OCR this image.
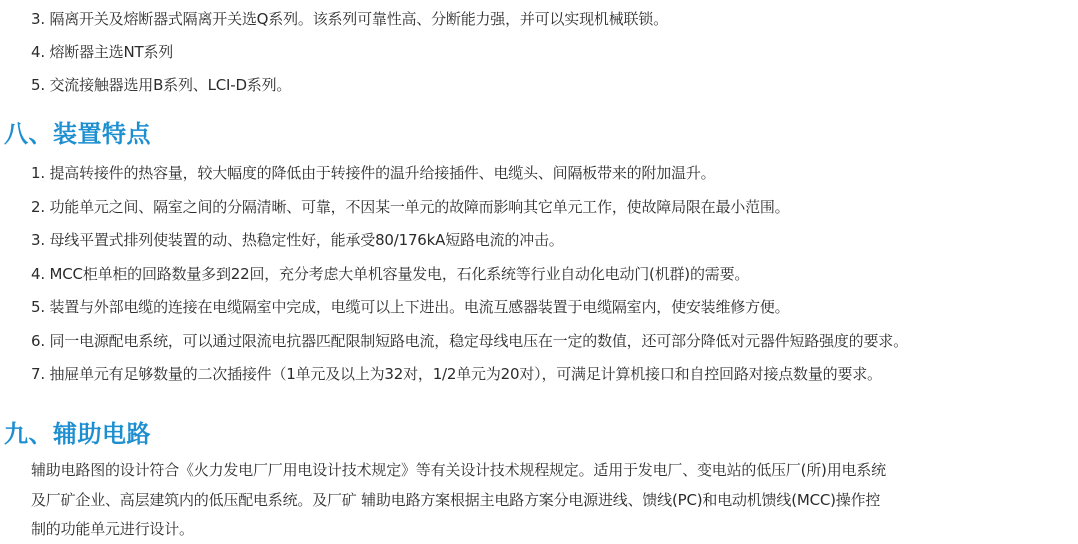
3. 隔离开关及熔断器式隔离开关选Q系列。该系列可靠性高、分断能力强，并可以实现机械联锁。
4. 熔断器主选NT系列
5. 交流接触器选用B系列、LCI-D系列。
八、装置特点
1. 提高转接件的热容量，较大幅度的降低由于转接件的温升给接插件、电缆头、间隔板带来的附加温升。
2. 功能单元之间、隔室之间的分隔清晰、可靠，不因某一单元的故障而影响其它单元工作，使故障局限在最小范围。
3. 母线平置式排列使装置的动、热稳定性好，能承受80/176kA短路电流的冲击。
4. MCC柜单柜的回路数量多到22回，充分考虑大单机容量发电，石化系统等行业自动化电动门(机群)的需要。
5. 装置与外部电缆的连接在电缆隔室中完成，电缆可以上下进出。电流互感器装置于电缆隔室内，使安装维修方便。
6. 同一电源配电系统，可以通过限流电抗器匹配限制短路电流，稳定母线电压在一定的数值，还可部分降低对元器件短路强度的要求。
7. 抽屉单元有足够数量的二次插接件（1单元及以上为32对，1/2单元为20对），可满足计算机接口和自控回路对接点数量的要求。
九、辅助电路
辅助电路图的设计符合《火力发电厂厂用电设计技术规定》等有关设计技术规程规定。适用于发电厂、变电站的低压厂(所)用电系统
及厂矿企业、高层建筑内的低压配电系统。及厂矿 辅助电路方案根据主电路方案分电源进线、馈线(PC)和电动机馈线(MCC)操作控
制的功能单元进行设计。
